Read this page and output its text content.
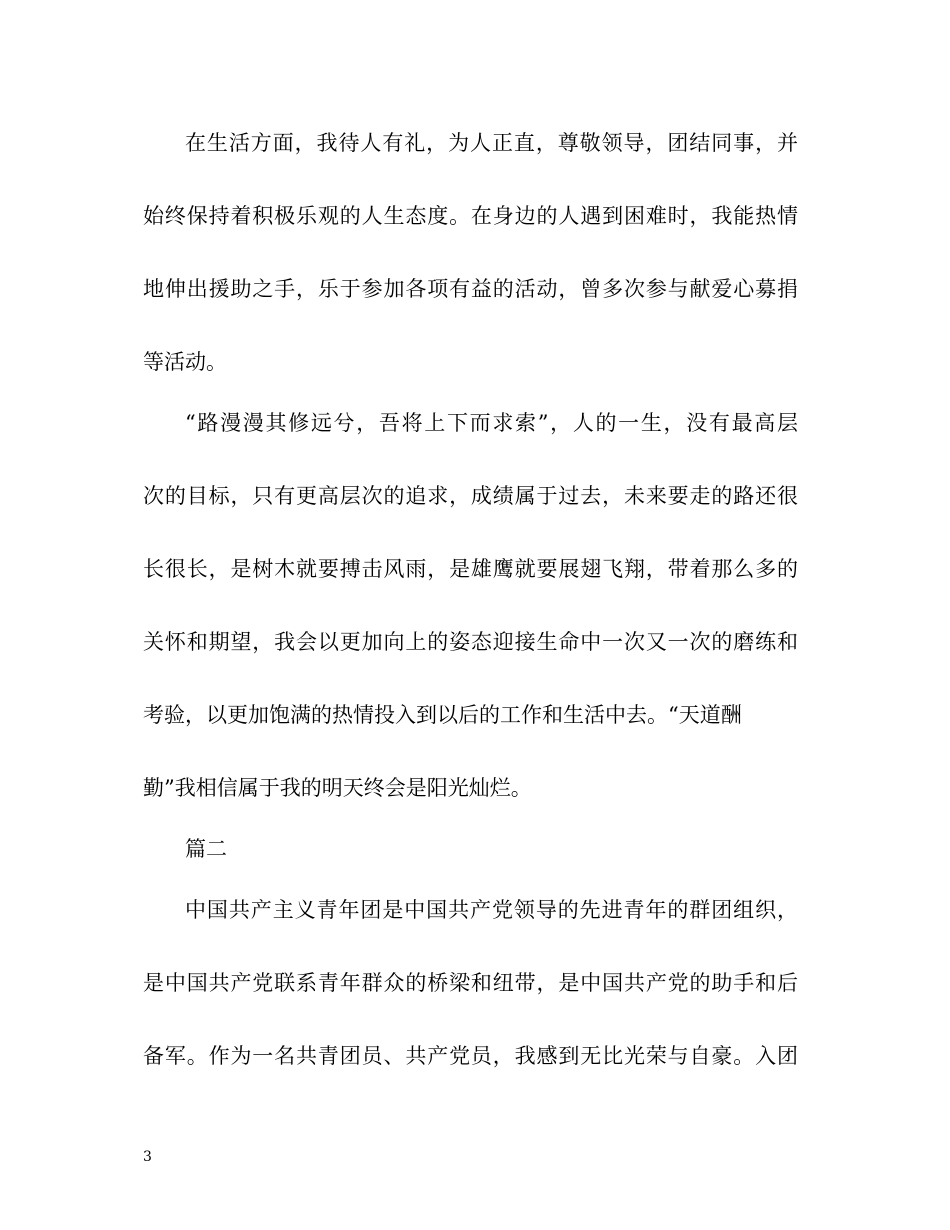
在生活方面，我待人有礼，为人正直，尊敬领导，团结同事，并
始终保持着积极乐观的人生态度。在身边的人遇到困难时，我能热情
地伸出援助之手，乐于参加各项有益的活动，曾多次参与献爱心募捐
等活动。
“路漫漫其修远兮，吾将上下而求索”，人的一生，没有最高层
次的目标，只有更高层次的追求，成绩属于过去，未来要走的路还很
长很长，是树木就要搏击风雨，是雄鹰就要展翅飞翔，带着那么多的
关怀和期望，我会以更加向上的姿态迎接生命中一次又一次的磨练和
考验，以更加饱满的热情投入到以后的工作和生活中去。“天道酬
勤”我相信属于我的明天终会是阳光灿烂。
篇二
中国共产主义青年团是中国共产党领导的先进青年的群团组织，
是中国共产党联系青年群众的桥梁和纽带，是中国共产党的助手和后
备军。作为一名共青团员、共产党员，我感到无比光荣与自豪。入团
3
